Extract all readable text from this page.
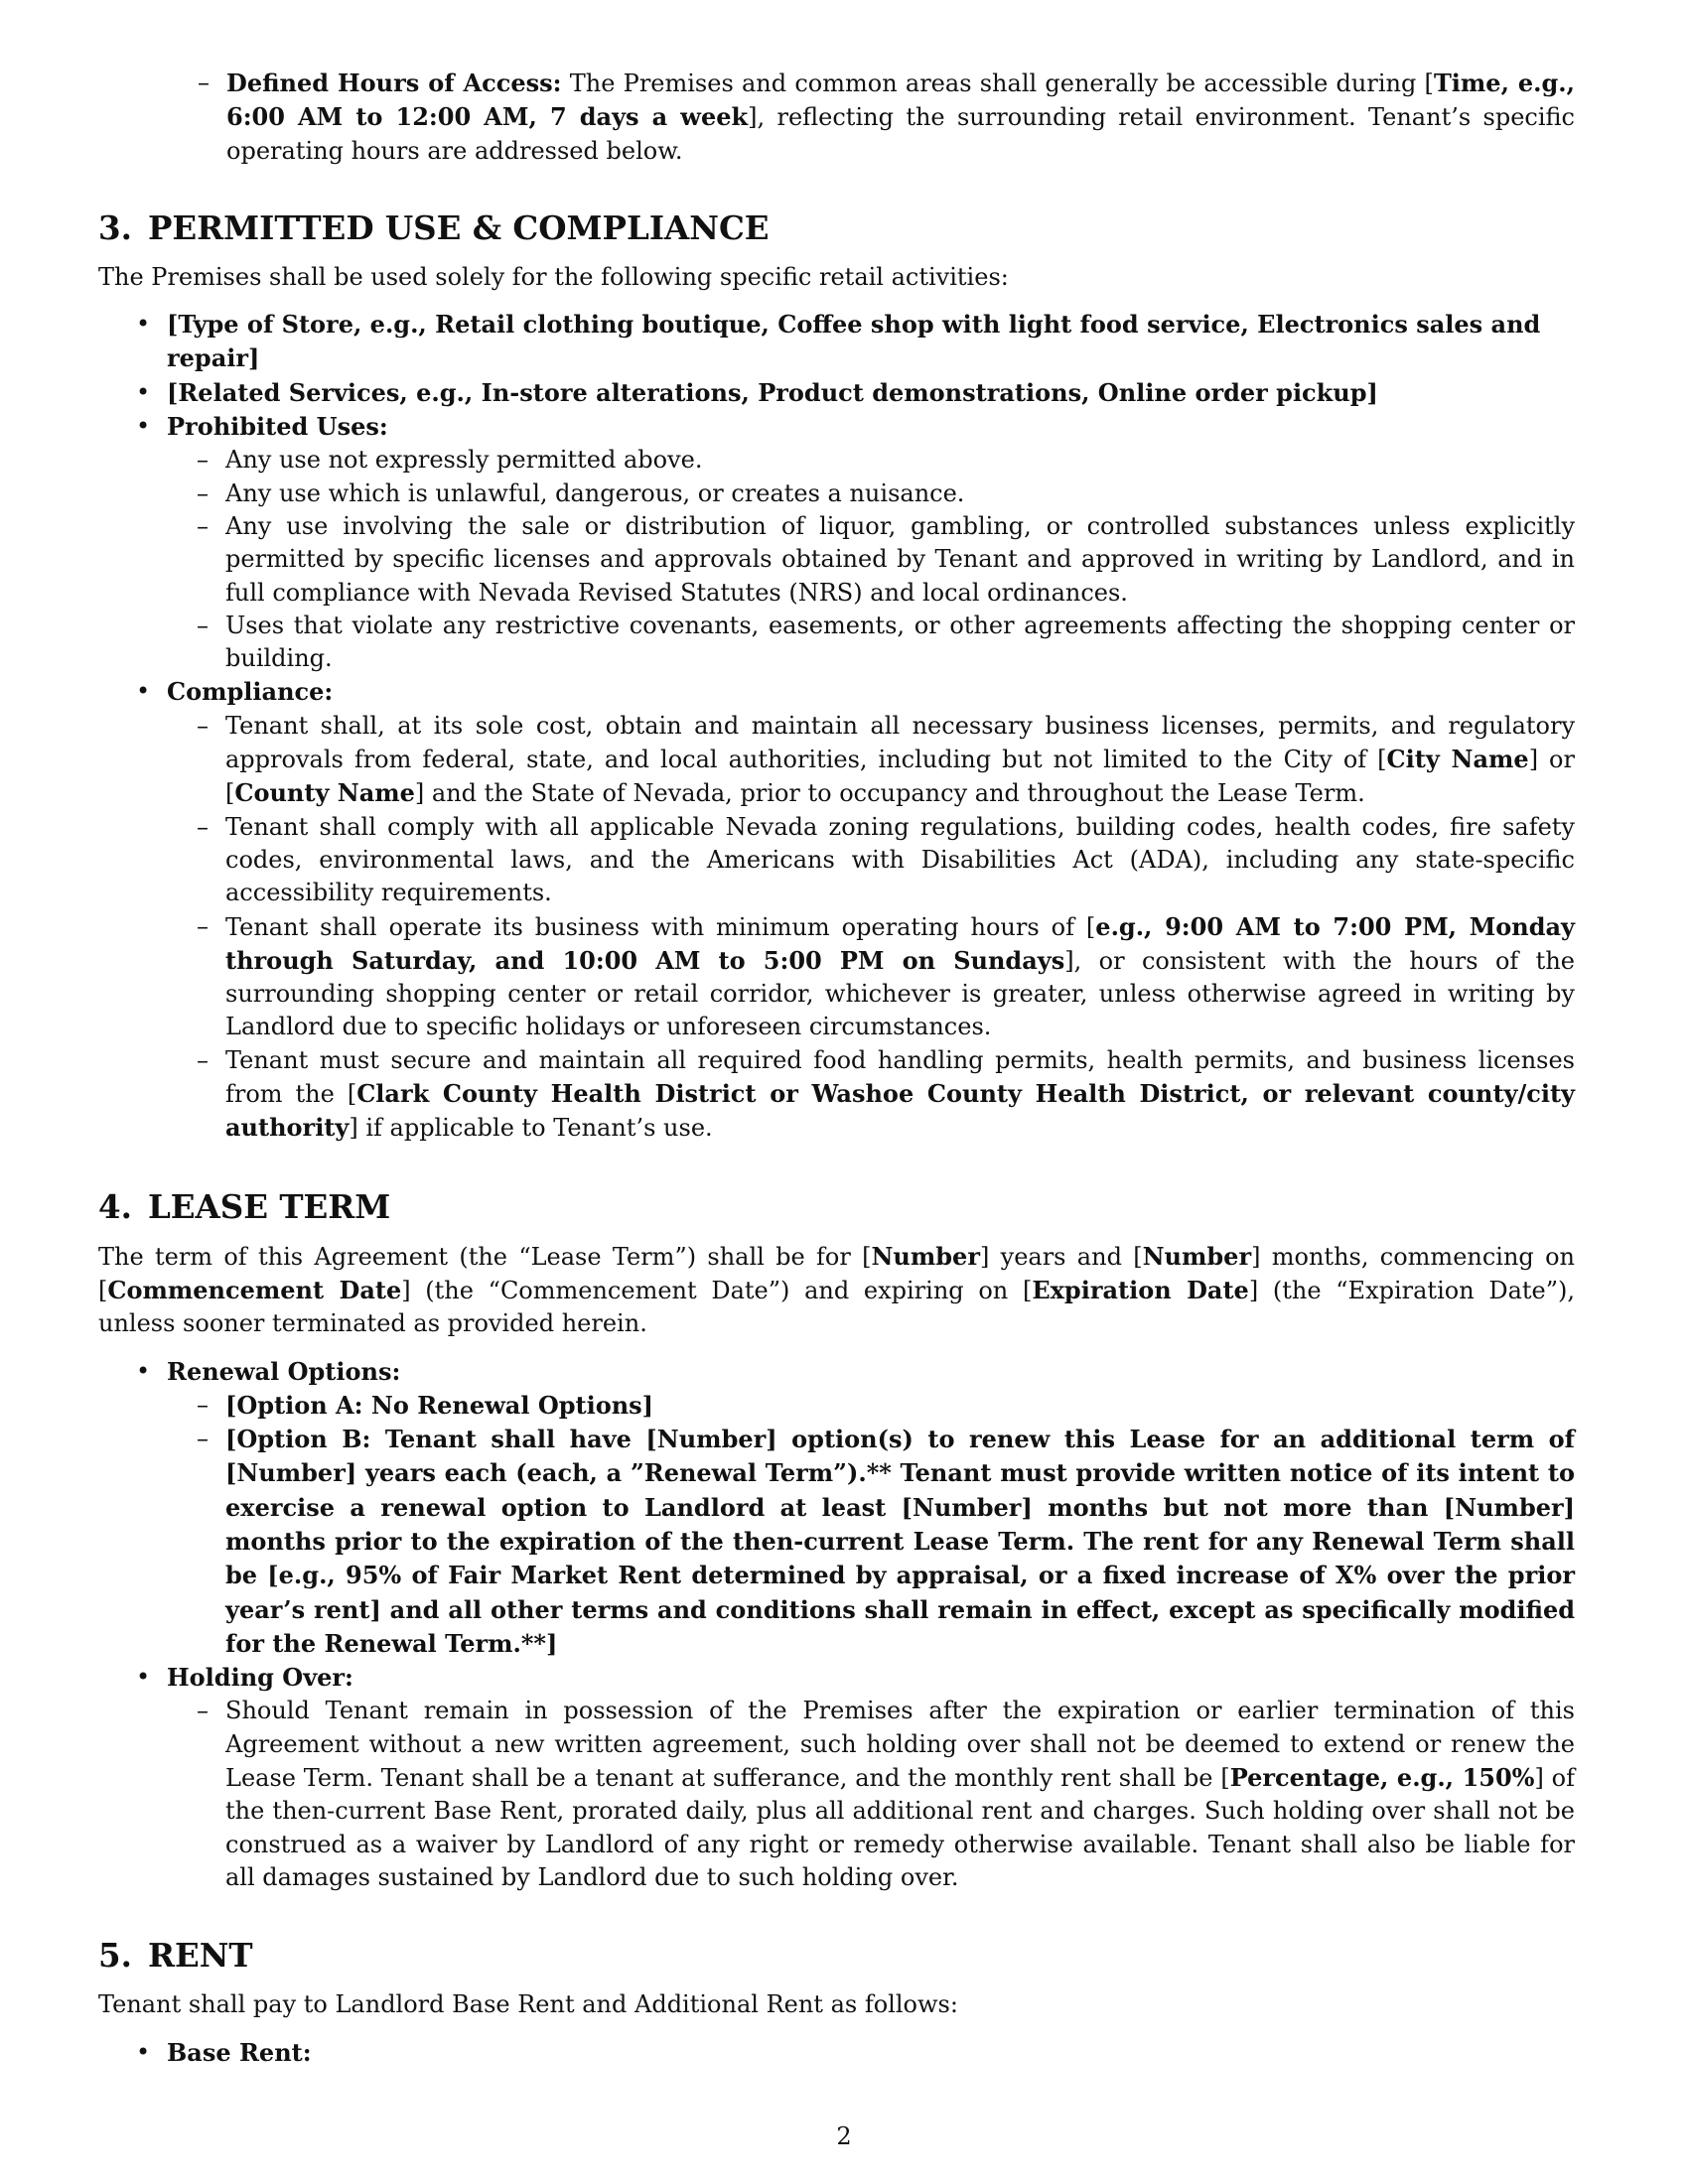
– Defined Hours of Access: The Premises and common areas shall generally be accessible during [Time, e.g., 6:00 AM to 12:00 AM, 7 days a week], reflecting the surrounding retail environment. Tenant’s specific operating hours are addressed below.
3. PERMITTED USE & COMPLIANCE

The Premises shall be used solely for the following specific retail activities:

• [Type of Store, e.g., Retail clothing boutique, Coffee shop with light food service, Electronics sales and repair]
• [Related Services, e.g., In-store alterations, Product demonstrations, Online order pickup]
• Prohibited Uses:
– Any use not expressly permitted above.
– Any use which is unlawful, dangerous, or creates a nuisance.
– Any use involving the sale or distribution of liquor, gambling, or controlled substances unless explicitly permitted by specific licenses and approvals obtained by Tenant and approved in writing by Landlord, and in full compliance with Nevada Revised Statutes (NRS) and local ordinances.
– Uses that violate any restrictive covenants, easements, or other agreements affecting the shopping center or building.
• Compliance:
– Tenant shall, at its sole cost, obtain and maintain all necessary business licenses, permits, and regulatory approvals from federal, state, and local authorities, including but not limited to the City of [City Name] or [County Name] and the State of Nevada, prior to occupancy and throughout the Lease Term.
– Tenant shall comply with all applicable Nevada zoning regulations, building codes, health codes, fire safety codes, environmental laws, and the Americans with Disabilities Act (ADA), including any state-specific accessibility requirements.
– Tenant shall operate its business with minimum operating hours of [e.g., 9:00 AM to 7:00 PM, Monday through Saturday, and 10:00 AM to 5:00 PM on Sundays], or consistent with the hours of the surrounding shopping center or retail corridor, whichever is greater, unless otherwise agreed in writing by Landlord due to specific holidays or unforeseen circumstances.
– Tenant must secure and maintain all required food handling permits, health permits, and business licenses from the [Clark County Health District or Washoe County Health District, or relevant county/city authority] if applicable to Tenant’s use.
4. LEASE TERM

The term of this Agreement (the “Lease Term”) shall be for [Number] years and [Number] months, commencing on [Commencement Date] (the “Commencement Date”) and expiring on [Expiration Date] (the “Expiration Date”), unless sooner terminated as provided herein.

• Renewal Options:
– [Option A: No Renewal Options]
– [Option B: Tenant shall have [Number] option(s) to renew this Lease for an additional term of [Number] years each (each, a ”Renewal Term”).** Tenant must provide written notice of its intent to exercise a renewal option to Landlord at least [Number] months but not more than [Number] months prior to the expiration of the then-current Lease Term. The rent for any Renewal Term shall be [e.g., 95% of Fair Market Rent determined by appraisal, or a fixed increase of X% over the prior year’s rent] and all other terms and conditions shall remain in effect, except as specifically modified for the Renewal Term.**]
• Holding Over:
– Should Tenant remain in possession of the Premises after the expiration or earlier termination of this Agreement without a new written agreement, such holding over shall not be deemed to extend or renew the Lease Term. Tenant shall be a tenant at sufferance, and the monthly rent shall be [Percentage, e.g., 150%] of the then-current Base Rent, prorated daily, plus all additional rent and charges. Such holding over shall not be construed as a waiver by Landlord of any right or remedy otherwise available. Tenant shall also be liable for all damages sustained by Landlord due to such holding over.
5. RENT

Tenant shall pay to Landlord Base Rent and Additional Rent as follows:

• Base Rent:
2
